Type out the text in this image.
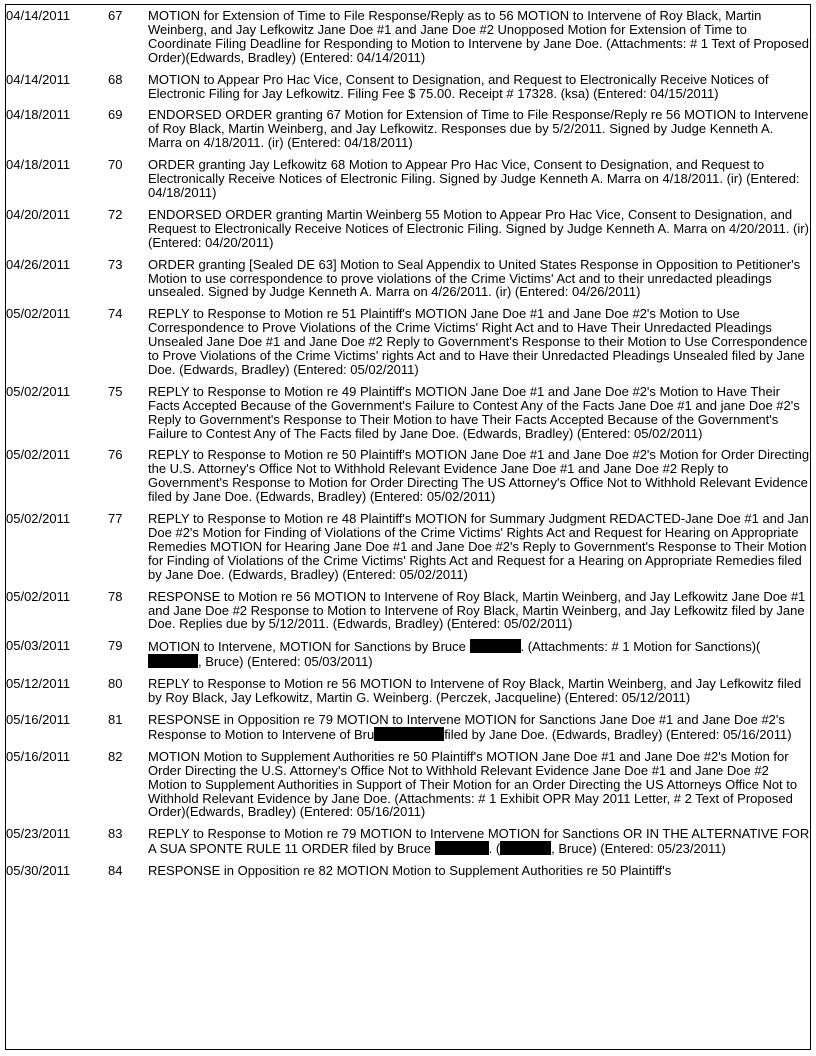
04/14/2011	67	MOTION for Extension of Time to File Response/Reply as to 56 MOTION to Intervene of Roy Black, Martin Weinberg, and Jay Lefkowitz Jane Doe #1 and Jane Doe #2 Unopposed Motion for Extension of Time to Coordinate Filing Deadline for Responding to Motion to Intervene by Jane Doe. (Attachments: # 1 Text of Proposed Order)(Edwards, Bradley) (Entered: 04/14/2011)
04/14/2011	68	MOTION to Appear Pro Hac Vice, Consent to Designation, and Request to Electronically Receive Notices of Electronic Filing for Jay Lefkowitz. Filing Fee $ 75.00. Receipt # 17328. (ksa) (Entered: 04/15/2011)
04/18/2011	69	ENDORSED ORDER granting 67 Motion for Extension of Time to File Response/Reply re 56 MOTION to Intervene of Roy Black, Martin Weinberg, and Jay Lefkowitz. Responses due by 5/2/2011. Signed by Judge Kenneth A. Marra on 4/18/2011. (ir) (Entered: 04/18/2011)
04/18/2011	70	ORDER granting Jay Lefkowitz 68 Motion to Appear Pro Hac Vice, Consent to Designation, and Request to Electronically Receive Notices of Electronic Filing. Signed by Judge Kenneth A. Marra on 4/18/2011. (ir) (Entered: 04/18/2011)
04/20/2011	72	ENDORSED ORDER granting Martin Weinberg 55 Motion to Appear Pro Hac Vice, Consent to Designation, and Request to Electronically Receive Notices of Electronic Filing. Signed by Judge Kenneth A. Marra on 4/20/2011. (ir) (Entered: 04/20/2011)
04/26/2011	73	ORDER granting [Sealed DE 63] Motion to Seal Appendix to United States Response in Opposition to Petitioner's Motion to use correspondence to prove violations of the Crime Victims' Act and to their unredacted pleadings unsealed. Signed by Judge Kenneth A. Marra on 4/26/2011. (ir) (Entered: 04/26/2011)
05/02/2011	74	REPLY to Response to Motion re 51 Plaintiff's MOTION Jane Doe #1 and Jane Doe #2's Motion to Use Correspondence to Prove Violations of the Crime Victims' Right Act and to Have Their Unredacted Pleadings Unsealed Jane Doe #1 and Jane Doe #2 Reply to Government's Response to their Motion to Use Correspondence to Prove Violations of the Crime Victims' rights Act and to Have their Unredacted Pleadings Unsealed filed by Jane Doe. (Edwards, Bradley) (Entered: 05/02/2011)
05/02/2011	75	REPLY to Response to Motion re 49 Plaintiff's MOTION Jane Doe #1 and Jane Doe #2's Motion to Have Their Facts Accepted Because of the Government's Failure to Contest Any of the Facts Jane Doe #1 and jane Doe #2's Reply to Government's Response to Their Motion to have Their Facts Accepted Because of the Government's Failure to Contest Any of The Facts filed by Jane Doe. (Edwards, Bradley) (Entered: 05/02/2011)
05/02/2011	76	REPLY to Response to Motion re 50 Plaintiff's MOTION Jane Doe #1 and Jane Doe #2's Motion for Order Directing the U.S. Attorney's Office Not to Withhold Relevant Evidence Jane Doe #1 and Jane Doe #2 Reply to Government's Response to Motion for Order Directing The US Attorney's Office Not to Withhold Relevant Evidence filed by Jane Doe. (Edwards, Bradley) (Entered: 05/02/2011)
05/02/2011	77	REPLY to Response to Motion re 48 Plaintiff's MOTION for Summary Judgment REDACTED-Jane Doe #1 and Jan Doe #2's Motion for Finding of Violations of the Crime Victims' Rights Act and Request for Hearing on Appropriate Remedies MOTION for Hearing Jane Doe #1 and Jane Doe #2's Reply to Government's Response to Their Motion for Finding of Violations of the Crime Victims' Rights Act and Request for a Hearing on Appropriate Remedies filed by Jane Doe. (Edwards, Bradley) (Entered: 05/02/2011)
05/02/2011	78	RESPONSE to Motion re 56 MOTION to Intervene of Roy Black, Martin Weinberg, and Jay Lefkowitz Jane Doe #1 and Jane Doe #2 Response to Motion to Intervene of Roy Black, Martin Weinberg, and Jay Lefkowitz filed by Jane Doe. Replies due by 5/12/2011. (Edwards, Bradley) (Entered: 05/02/2011)
05/03/2011	79	MOTION to Intervene, MOTION for Sanctions by Bruce . (Attachments: # 1 Motion for Sanctions)(, Bruce) (Entered: 05/03/2011)
05/12/2011	80	REPLY to Response to Motion re 56 MOTION to Intervene of Roy Black, Martin Weinberg, and Jay Lefkowitz filed by Roy Black, Jay Lefkowitz, Martin G. Weinberg. (Perczek, Jacqueline) (Entered: 05/12/2011)
05/16/2011	81	RESPONSE in Opposition re 79 MOTION to Intervene MOTION for Sanctions Jane Doe #1 and Jane Doe #2's Response to Motion to Intervene of Bru filed by Jane Doe. (Edwards, Bradley) (Entered: 05/16/2011)
05/16/2011	82	MOTION Motion to Supplement Authorities re 50 Plaintiff's MOTION Jane Doe #1 and Jane Doe #2's Motion for Order Directing the U.S. Attorney's Office Not to Withhold Relevant Evidence Jane Doe #1 and Jane Doe #2 Motion to Supplement Authorities in Support of Their Motion for an Order Directing the US Attorneys Office Not to Withhold Relevant Evidence by Jane Doe. (Attachments: # 1 Exhibit OPR May 2011 Letter, # 2 Text of Proposed Order)(Edwards, Bradley) (Entered: 05/16/2011)
05/23/2011	83	REPLY to Response to Motion re 79 MOTION to Intervene MOTION for Sanctions OR IN THE ALTERNATIVE FOR A SUA SPONTE RULE 11 ORDER filed by Bruce . ( , Bruce) (Entered: 05/23/2011)
05/30/2011	84	RESPONSE in Opposition re 82 MOTION Motion to Supplement Authorities re 50 Plaintiff's
